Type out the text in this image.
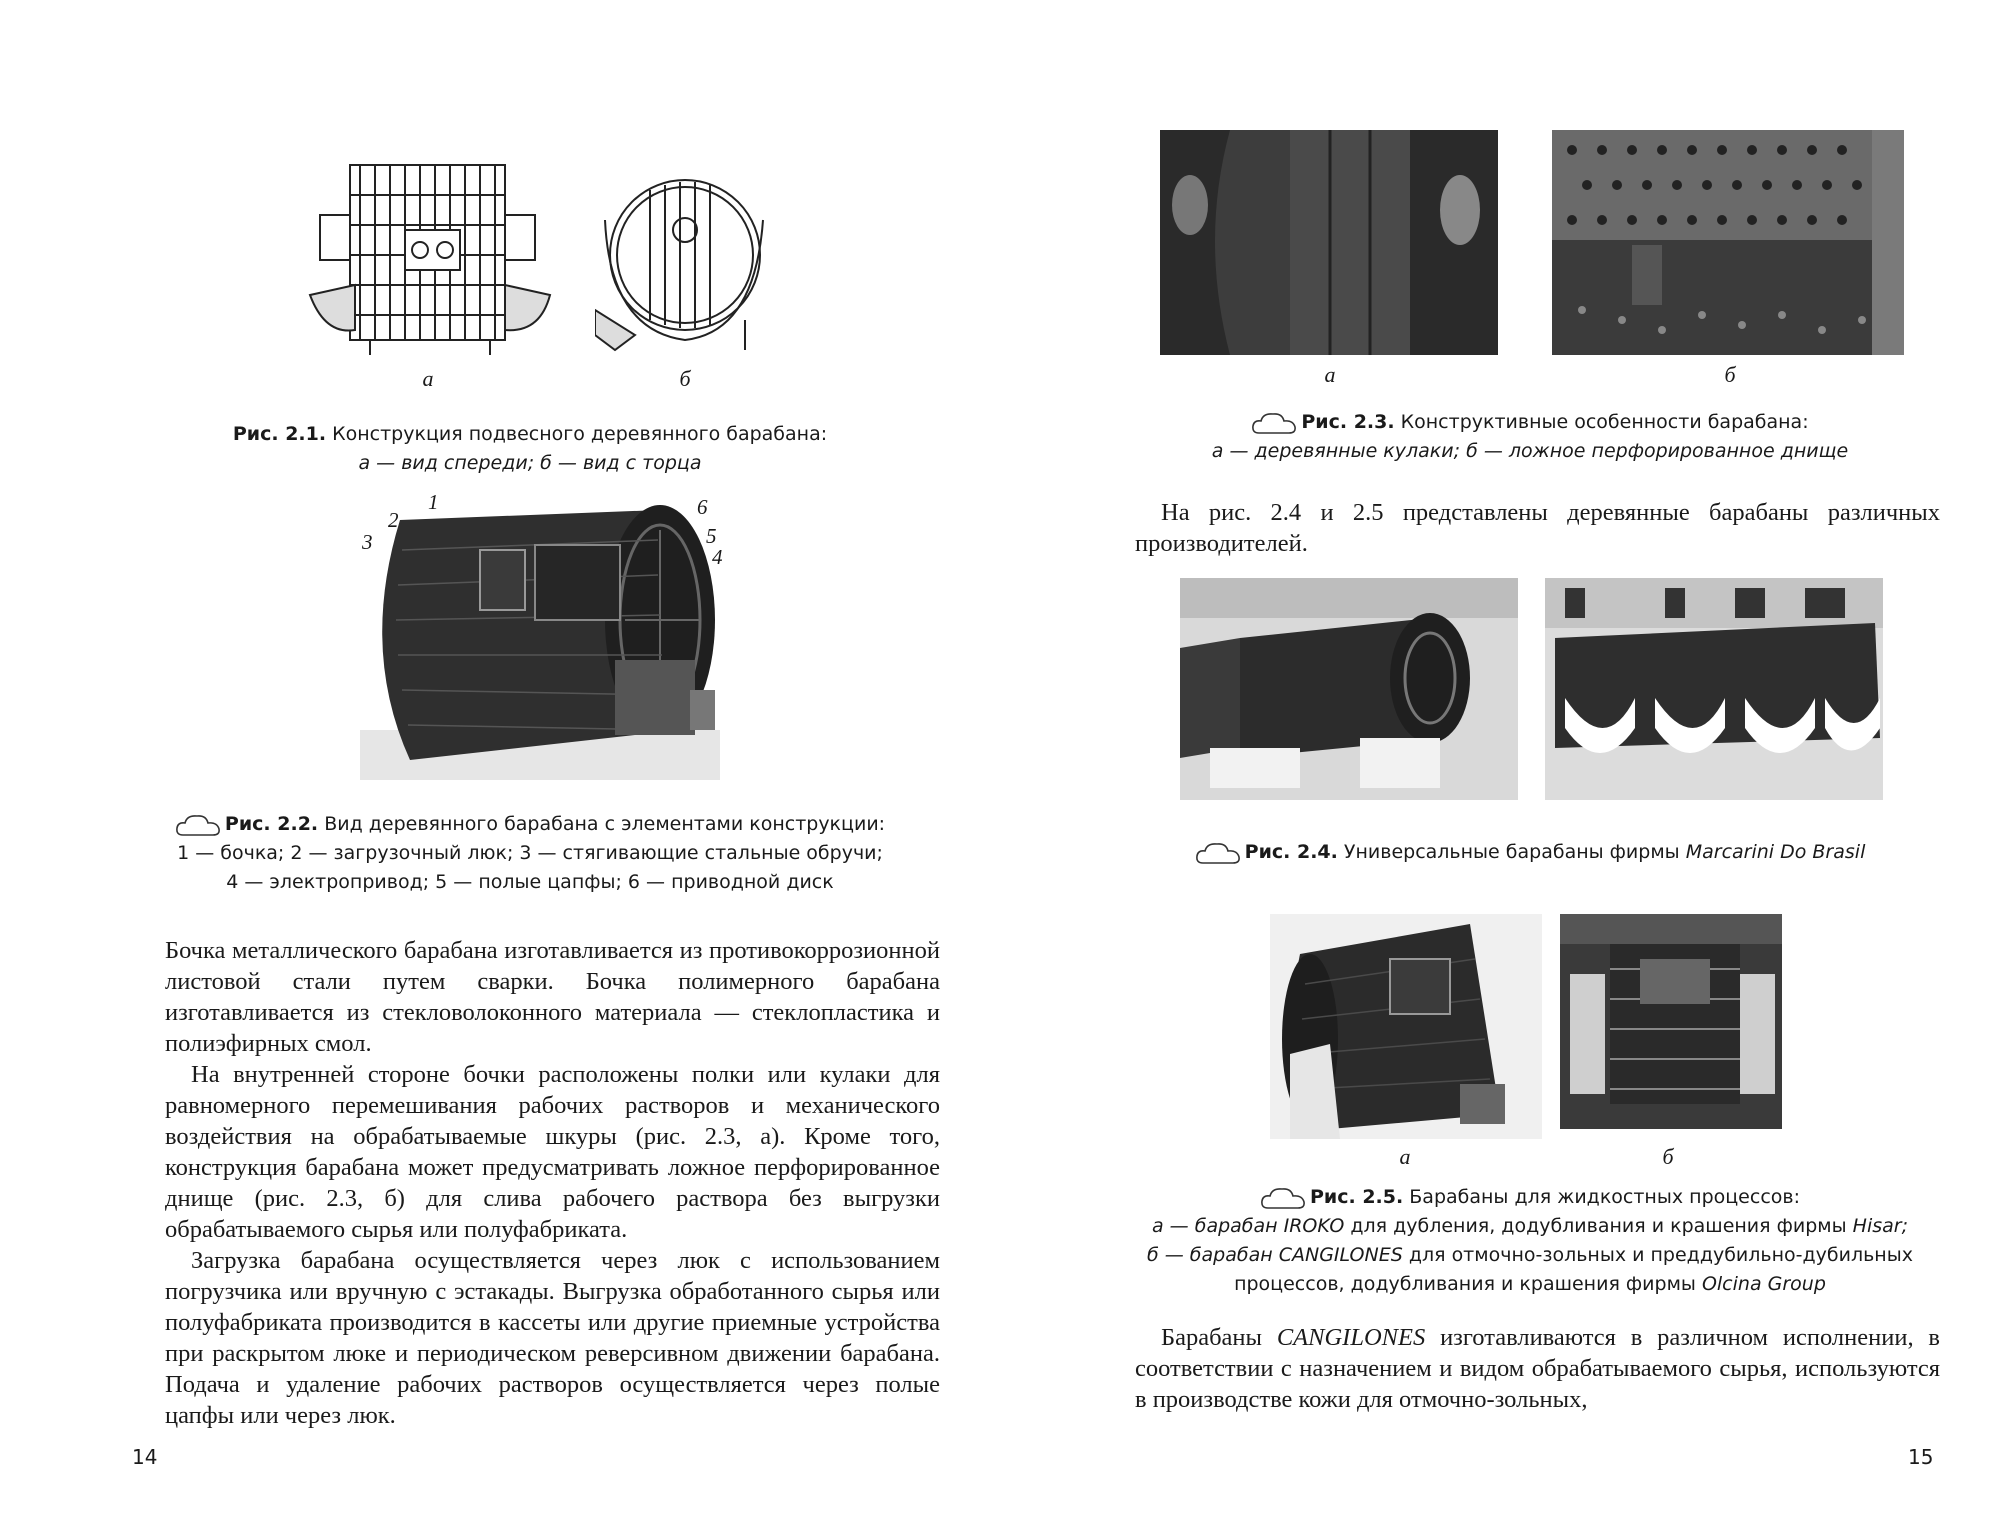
а	б
Рис. 2.1. Конструкция подвесного деревянного барабана:
а — вид спереди; б — вид с торца
1
2
3
4
5
6
Рис. 2.2. Вид деревянного барабана с элементами конструкции:
1 — бочка; 2 — загрузочный люк; 3 — стягивающие стальные обручи;
4 — электропривод; 5 — полые цапфы; 6 — приводной диск

Бочка металлического барабана изготавливается из противокоррозионной листовой стали путем сварки. Бочка полимерного барабана изготавливается из стекловолоконного материала — стеклопластика и полиэфирных смол.

На внутренней стороне бочки расположены полки или кулаки для равномерного перемешивания рабочих растворов и механического воздействия на обрабатываемые шкуры (рис. 2.3, а). Кроме того, конструкция барабана может предусматривать ложное перфорированное днище (рис. 2.3, б) для слива рабочего раствора без выгрузки обрабатываемого сырья или полуфабриката.

Загрузка барабана осуществляется через люк с использованием погрузчика или вручную с эстакады. Выгрузка обработанного сырья или полуфабриката производится в кассеты или другие приемные устройства при раскрытом люке и периодическом реверсивном движении барабана. Подача и удаление рабочих растворов осуществляется через полые цапфы или через люк.

14
а	б
Рис. 2.3. Конструктивные особенности барабана:
а — деревянные кулаки; б — ложное перфорированное днище
На рис. 2.4 и 2.5 представлены деревянные барабаны различных производителей.
Рис. 2.4. Универсальные барабаны фирмы Marcarini Do Brasil
а	б
Рис. 2.5. Барабаны для жидкостных процессов:
а — барабан IROKO для дубления, додубливания и крашения фирмы Hisar;
б — барабан CANGILONES для отмочно-зольных и преддубильно-дубильных
процессов, додубливания и крашения фирмы Olcina Group
Барабаны CANGILONES изготавливаются в различном исполнении, в соответствии с назначением и видом обрабатываемого сырья, используются в производстве кожи для отмочно-зольных,
15
